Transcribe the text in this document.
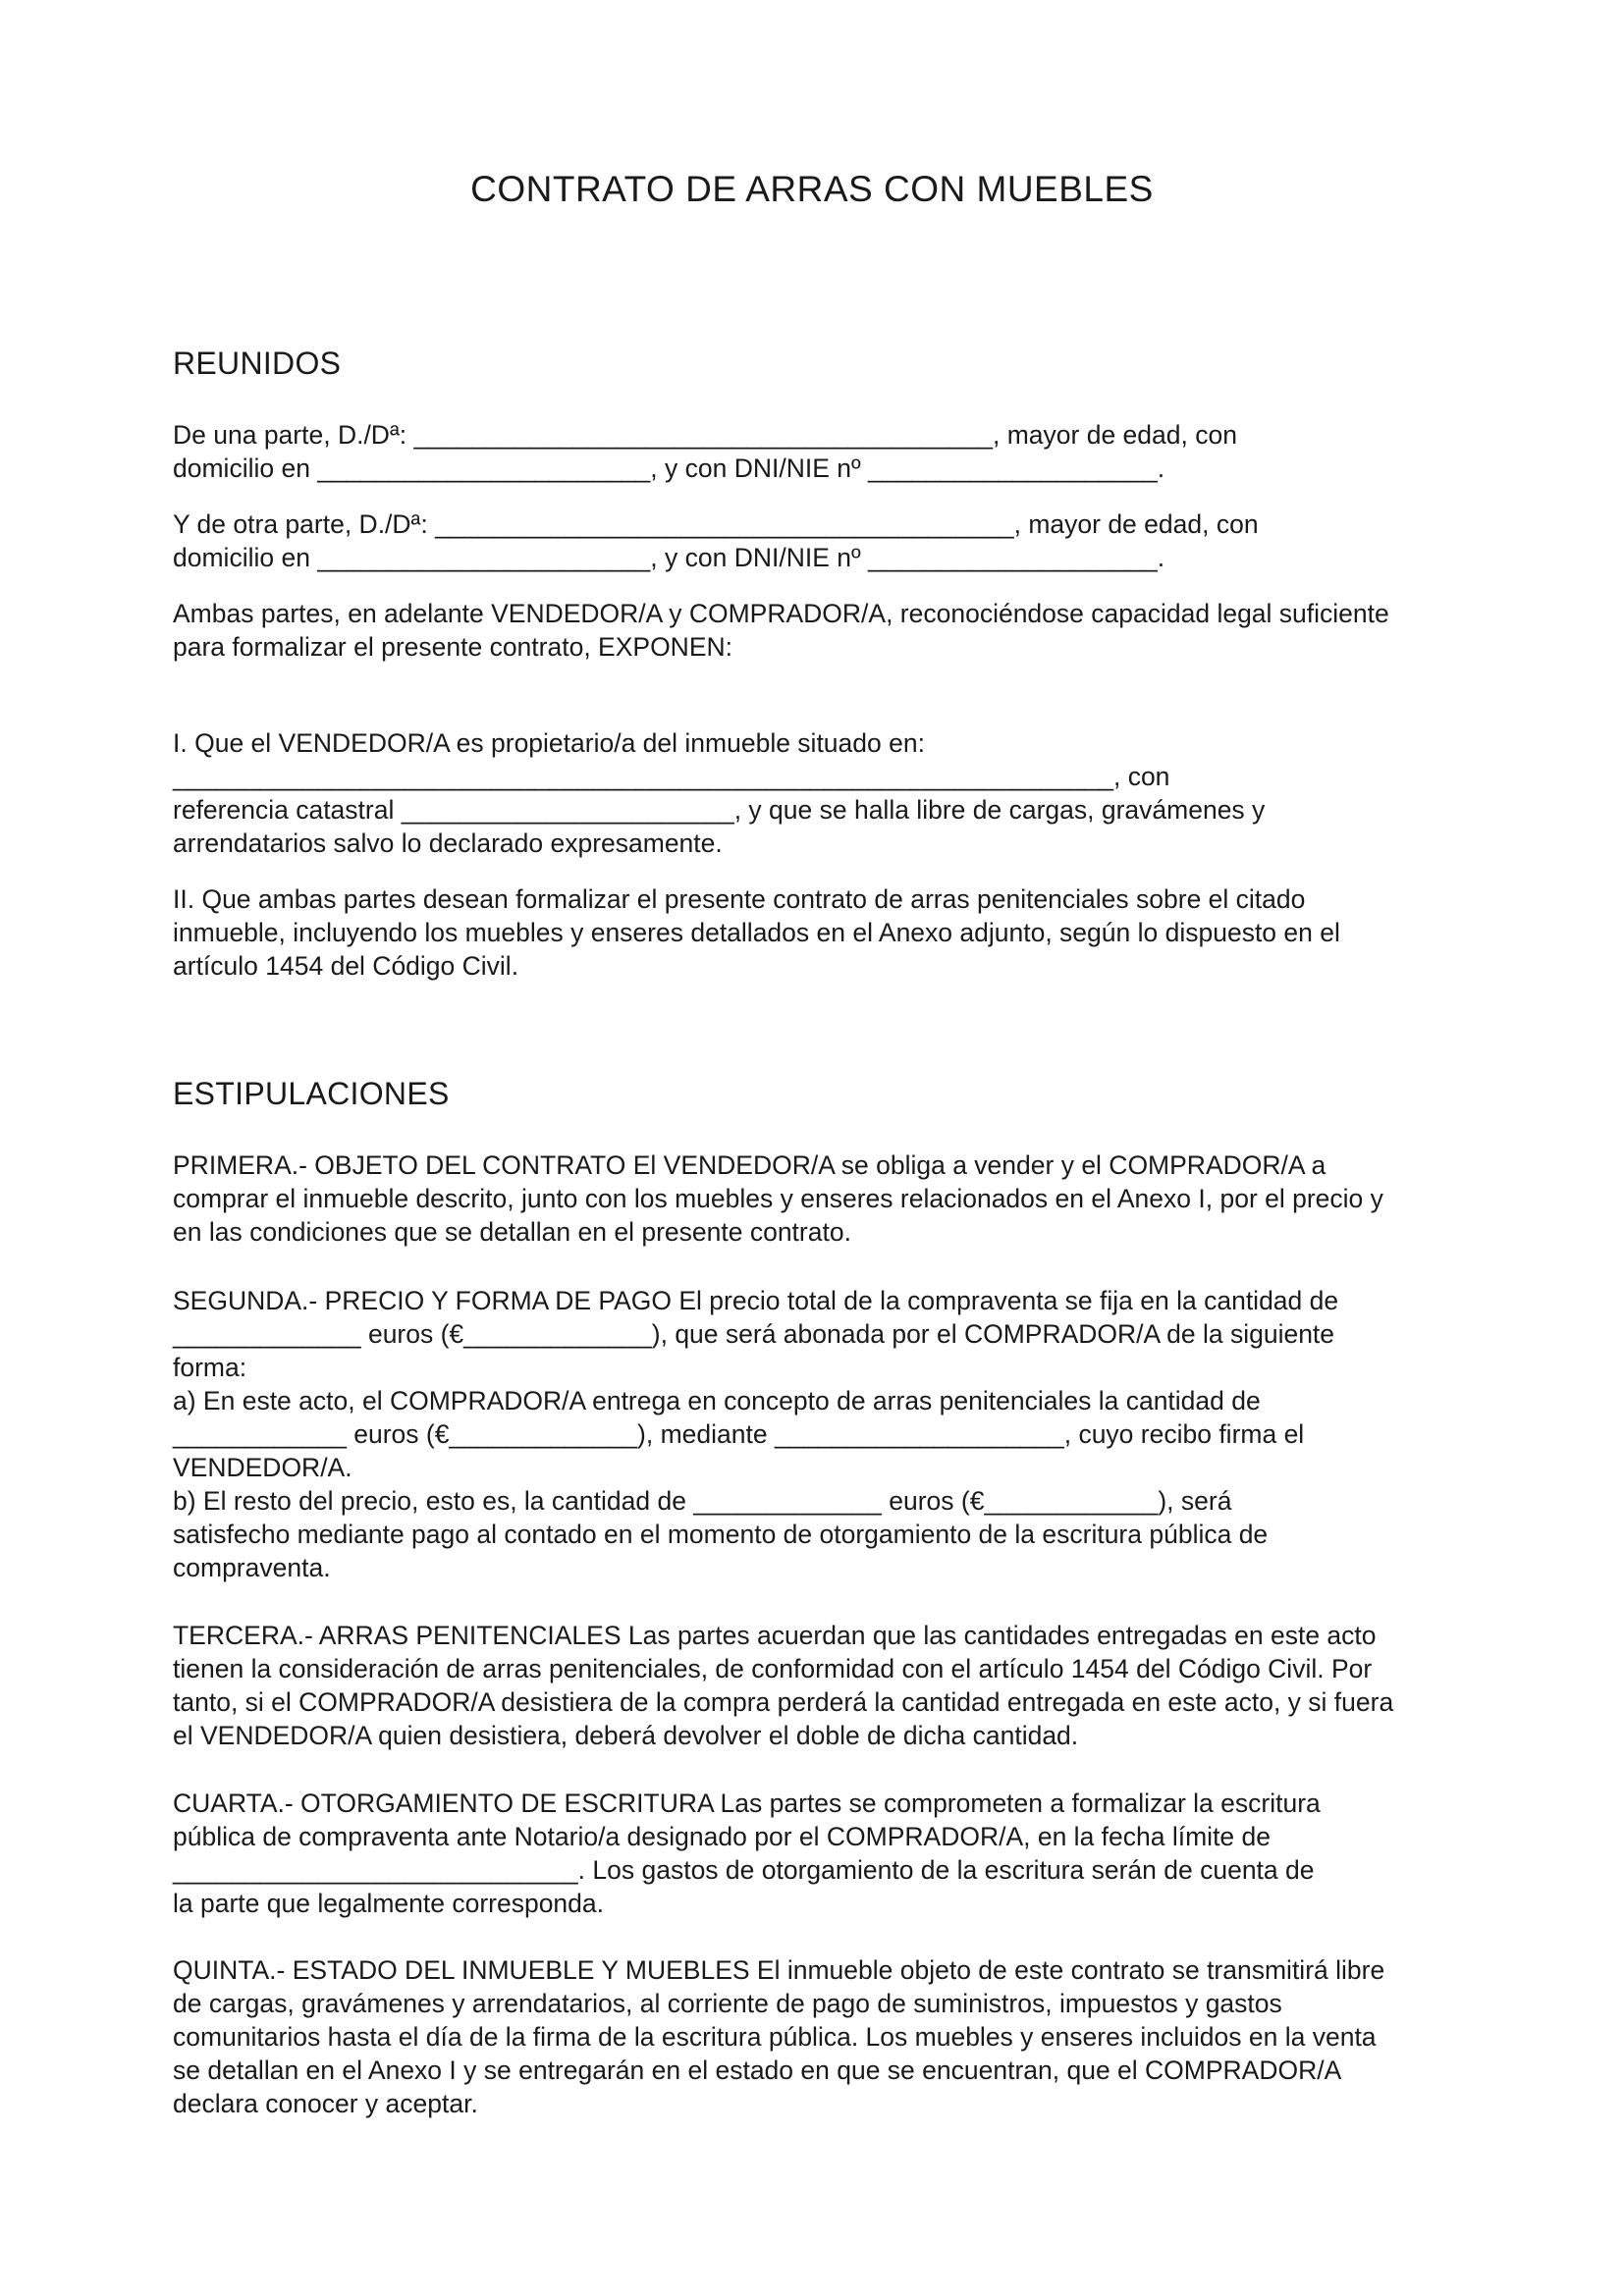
CONTRATO DE ARRAS CON MUEBLES
REUNIDOS
De una parte, D./Dª: ________________________________________, mayor de edad, con
domicilio en _______________________, y con DNI/NIE nº ____________________.
Y de otra parte, D./Dª: ________________________________________, mayor de edad, con
domicilio en _______________________, y con DNI/NIE nº ____________________.
Ambas partes, en adelante VENDEDOR/A y COMPRADOR/A, reconociéndose capacidad legal suficiente
para formalizar el presente contrato, EXPONEN:
I. Que el VENDEDOR/A es propietario/a del inmueble situado en:
_________________________________________________________________, con
referencia catastral _______________________, y que se halla libre de cargas, gravámenes y
arrendatarios salvo lo declarado expresamente.
II. Que ambas partes desean formalizar el presente contrato de arras penitenciales sobre el citado
inmueble, incluyendo los muebles y enseres detallados en el Anexo adjunto, según lo dispuesto en el
artículo 1454 del Código Civil.
ESTIPULACIONES
PRIMERA.- OBJETO DEL CONTRATO El VENDEDOR/A se obliga a vender y el COMPRADOR/A a
comprar el inmueble descrito, junto con los muebles y enseres relacionados en el Anexo I, por el precio y
en las condiciones que se detallan en el presente contrato.
SEGUNDA.- PRECIO Y FORMA DE PAGO El precio total de la compraventa se fija en la cantidad de
_____________ euros (€_____________), que será abonada por el COMPRADOR/A de la siguiente
forma:
a) En este acto, el COMPRADOR/A entrega en concepto de arras penitenciales la cantidad de
____________ euros (€_____________), mediante ____________________, cuyo recibo firma el
VENDEDOR/A.
b) El resto del precio, esto es, la cantidad de _____________ euros (€____________), será
satisfecho mediante pago al contado en el momento de otorgamiento de la escritura pública de
compraventa.
TERCERA.- ARRAS PENITENCIALES Las partes acuerdan que las cantidades entregadas en este acto
tienen la consideración de arras penitenciales, de conformidad con el artículo 1454 del Código Civil. Por
tanto, si el COMPRADOR/A desistiera de la compra perderá la cantidad entregada en este acto, y si fuera
el VENDEDOR/A quien desistiera, deberá devolver el doble de dicha cantidad.
CUARTA.- OTORGAMIENTO DE ESCRITURA Las partes se comprometen a formalizar la escritura
pública de compraventa ante Notario/a designado por el COMPRADOR/A, en la fecha límite de
____________________________. Los gastos de otorgamiento de la escritura serán de cuenta de
la parte que legalmente corresponda.
QUINTA.- ESTADO DEL INMUEBLE Y MUEBLES El inmueble objeto de este contrato se transmitirá libre
de cargas, gravámenes y arrendatarios, al corriente de pago de suministros, impuestos y gastos
comunitarios hasta el día de la firma de la escritura pública. Los muebles y enseres incluidos en la venta
se detallan en el Anexo I y se entregarán en el estado en que se encuentran, que el COMPRADOR/A
declara conocer y aceptar.
